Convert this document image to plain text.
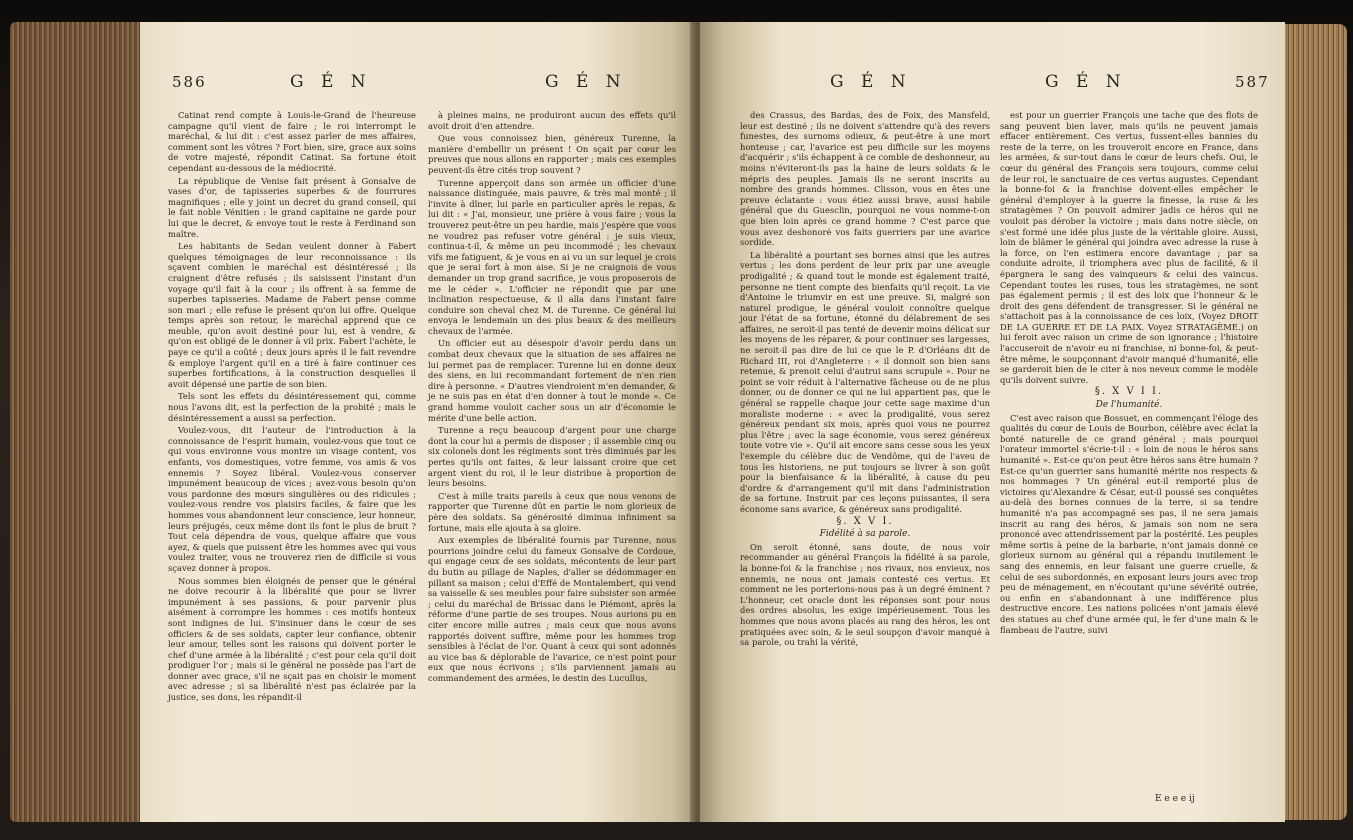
586	G É N	G É N

Catinat rend compte à Louis-le-Grand de l'heureuse campagne qu'il vient de faire ; le roi interrompt le maréchal, & lui dit : c'est assez parler de mes affaires, comment sont les vôtres ? Fort bien, sire, grace aux soins de votre majesté, répondit Catinat. Sa fortune étoit cependant au-dessous de la médiocrité.

La république de Venise fait présent à Gonsalve de vases d'or, de tapisseries superbes & de fourrures magnifiques ; elle y joint un decret du grand conseil, qui le fait noble Vénitien : le grand capitaine ne garde pour lui que le decret, & envoye tout le reste à Ferdinand son maître.

Les habitants de Sedan veulent donner à Fabert quelques témoignages de leur reconnoissance : ils sçavent combien le maréchal est désintéressé ; ils craignent d'être refusés ; ils saisissent l'instant d'un voyage qu'il fait à la cour ; ils offrent à sa femme de superbes tapisseries. Madame de Fabert pense comme son mari ; elle refuse le présent qu'on lui offre. Quelque temps après son retour, le maréchal apprend que ce meuble, qu'on avoit destiné pour lui, est à vendre, & qu'on est obligé de le donner à vil prix. Fabert l'achète, le paye ce qu'il a coûté ; deux jours après il le fait revendre & employe l'argent qu'il en a tiré à faire continuer ces superbes fortifications, à la construction desquelles il avoit dépensé une partie de son bien.

Tels sont les effets du désintéressement qui, comme nous l'avons dit, est la perfection de la probité ; mais le désintéressement a aussi sa perfection.

Voulez-vous, dit l'auteur de l'introduction à la connoissance de l'esprit humain, voulez-vous que tout ce qui vous environne vous montre un visage content, vos enfants, vos domestiques, votre femme, vos amis & vos ennemis ? Soyez libéral. Voulez-vous conserver impunément beaucoup de vices ; avez-vous besoin qu'on vous pardonne des mœurs singulières ou des ridicules ; voulez-vous rendre vos plaisirs faciles, & faire que les hommes vous abandonnent leur conscience, leur honneur, leurs préjugés, ceux même dont ils font le plus de bruit ? Tout cela dépendra de vous, quelque affaire que vous ayez, & quels que puissent être les hommes avec qui vous voulez traiter, vous ne trouverez rien de difficile si vous sçavez donner à propos.

Nous sommes bien éloignés de penser que le général ne doive recourir à la libéralité que pour se livrer impunément à ses passions, & pour parvenir plus aisément à corrompre les hommes : ces motifs honteux sont indignes de lui. S'insinuer dans le cœur de ses officiers & de ses soldats, capter leur confiance, obtenir leur amour, telles sont les raisons qui doivent porter le chef d'une armée à la libéralité ; c'est pour cela qu'il doit prodiguer l'or ; mais si le général ne possède pas l'art de donner avec grace, s'il ne sçait pas en choisir le moment avec adresse ; si sa libéralité n'est pas éclairée par la justice, ses dons, les répandit-il

à pleines mains, ne produiront aucun des effets qu'il avoit droit d'en attendre.

Que vous connoissez bien, généreux Turenne, la manière d'embellir un présent ! On sçait par cœur les preuves que nous allons en rapporter ; mais ces exemples peuvent-ils être cités trop souvent ?

Turenne apperçoit dans son armée un officier d'une naissance distinguée, mais pauvre, & très mal monté ; il l'invite à dîner, lui parle en particulier après le repas, & lui dit : « J'ai, monsieur, une prière à vous faire ; vous la trouverez peut-être un peu hardie, mais j'espère que vous ne voudrez pas refuser votre général : je suis vieux, continua-t-il, & même un peu incommodé ; les chevaux vifs me fatiguent, & je vous en ai vu un sur lequel je crois que je serai fort à mon aise. Si je ne craignois de vous demander un trop grand sacrifice, je vous proposerois de me le céder ». L'officier ne répondit que par une inclination respectueuse, & il alla dans l'instant faire conduire son cheval chez M. de Turenne. Ce général lui envoya le lendemain un des plus beaux & des meilleurs chevaux de l'armée.

Un officier eut au désespoir d'avoir perdu dans un combat deux chevaux que la situation de ses affaires ne lui permet pas de remplacer. Turenne lui en donne deux des siens, en lui recommandant fortement de n'en rien dire à personne. « D'autres viendroient m'en demander, & je ne suis pas en état d'en donner à tout le monde ». Ce grand homme vouloit cacher sous un air d'économie le mérite d'une belle action.

Turenne a reçu beaucoup d'argent pour une charge dont la cour lui a permis de disposer ; il assemble cinq ou six colonels dont les régiments sont très diminués par les pertes qu'ils ont faites, & leur laissant croire que cet argent vient du roi, il le leur distribue à proportion de leurs besoins.

C'est à mille traits pareils à ceux que nous venons de rapporter que Turenne dût en partie le nom glorieux de père des soldats. Sa générosité diminua infiniment sa fortune, mais elle ajouta à sa gloire.

Aux exemples de libéralité fournis par Turenne, nous pourrions joindre celui du fameux Gonsalve de Cordoue, qui engage ceux de ses soldats, mécontents de leur part du butin au pillage de Naples, d'aller se dédommager en pillant sa maison ; celui d'Effé de Montalembert, qui vend sa vaisselle & ses meubles pour faire subsister son armée ; celui du maréchal de Brissac dans le Piémont, après la réforme d'une partie de ses troupes. Nous aurions pu en citer encore mille autres ; mais ceux que nous avons rapportés doivent suffire, même pour les hommes trop sensibles à l'éclat de l'or. Quant à ceux qui sont adonnés au vice bas & déplorable de l'avarice, ce n'est point pour eux que nous écrivons ; s'ils parviennent jamais au commandement des armées, le destin des Lucullus,

G É N	G É N	587

des Crassus, des Bardas, des de Foix, des Mansfeld, leur est destiné ; ils ne doivent s'attendre qu'à des revers funestes, des surnoms odieux, & peut-être à une mort honteuse ; car, l'avarice est peu difficile sur les moyens d'acquérir ; s'ils échappent à ce comble de deshonneur, au moins n'éviteront-ils pas la haine de leurs soldats & le mépris des peuples. Jamais ils ne seront inscrits au nombre des grands hommes. Clisson, vous en êtes une preuve éclatante : vous étiez aussi brave, aussi habile général que du Guesclin, pourquoi ne vous nomme-t-on que bien loin après ce grand homme ? C'est parce que vous avez deshonoré vos faits guerriers par une avarice sordide.

La libéralité a pourtant ses bornes ainsi que les autres vertus ; les dons perdent de leur prix par une aveugle prodigalité ; & quand tout le monde est également traité, personne ne tient compte des bienfaits qu'il reçoit. La vie d'Antoine le triumvir en est une preuve. Si, malgré son naturel prodigue, le général vouloit connoître quelque jour l'état de sa fortune, étonné du délabrement de ses affaires, ne seroit-il pas tenté de devenir moins délicat sur les moyens de les réparer, & pour continuer ses largesses, ne seroit-il pas dire de lui ce que le P. d'Orléans dit de Richard III, roi d'Angleterre : « il donnoit son bien sans retenue, & prenoit celui d'autrui sans scrupule ». Pour ne point se voir réduit à l'alternative fâcheuse ou de ne plus donner, ou de donner ce qui ne lui appartient pas, que le général se rappelle chaque jour cette sage maxime d'un moraliste moderne : « avec la prodigalité, vous serez généreux pendant six mois, après quoi vous ne pourrez plus l'être ; avec la sage économie, vous serez généreux toute votre vie ». Qu'il ait encore sans cesse sous les yeux l'exemple du célèbre duc de Vendôme, qui de l'aveu de tous les historiens, ne put toujours se livrer à son goût pour la bienfaisance & la libéralité, à cause du peu d'ordre & d'arrangement qu'il mit dans l'administration de sa fortune. Instruit par ces leçons puissantes, il sera économe sans avarice, & généreux sans prodigalité.

§. X V I.

Fidélité à sa parole.

On seroit étonné, sans doute, de nous voir recommander au général François la fidélité à sa parole, la bonne-foi & la franchise ; nos rivaux, nos envieux, nos ennemis, ne nous ont jamais contesté ces vertus. Et comment ne les porterions-nous pas à un degré éminent ? L'honneur, cet oracle dont les réponses sont pour nous des ordres absolus, les exige impérieusement. Tous les hommes que nous avons placés au rang des héros, les ont pratiquées avec soin, & le seul soupçon d'avoir manqué à sa parole, ou trahi la vérité,

est pour un guerrier François une tache que des flots de sang peuvent bien laver, mais qu'ils ne peuvent jamais effacer entièrement. Ces vertus, fussent-elles bannies du reste de la terre, on les trouveroit encore en France, dans les armées, & sur-tout dans le cœur de leurs chefs. Oui, le cœur du général des François sera toujours, comme celui de leur roi, le sanctuaire de ces vertus augustes. Cependant la bonne-foi & la franchise doivent-elles empêcher le général d'employer à la guerre la finesse, la ruse & les stratagèmes ? On pouvoit admirer jadis ce héros qui ne vouloit pas dérober la victoire ; mais dans notre siècle, on s'est formé une idée plus juste de la véritable gloire. Aussi, loin de blâmer le général qui joindra avec adresse la ruse à la force, on l'en estimera encore davantage ; par sa conduite adroite, il triomphera avec plus de facilité, & il épargnera le sang des vainqueurs & celui des vaincus. Cependant toutes les ruses, tous les stratagèmes, ne sont pas également permis ; il est des loix que l'honneur & le droit des gens défendent de transgresser. Si le général ne s'attachoit pas à la connoissance de ces loix, (Voyez DROIT DE LA GUERRE ET DE LA PAIX. Voyez STRATAGÈME.) on lui feroit avec raison un crime de son ignorance ; l'histoire l'accuseroit de n'avoir eu ni franchise, ni bonne-foi, & peut-être même, le soupçonnant d'avoir manqué d'humanité, elle se garderoit bien de le citer à nos neveux comme le modèle qu'ils doivent suivre.

§. X V I I.

De l'humanité.

C'est avec raison que Bossuet, en commençant l'éloge des qualités du cœur de Louis de Bourbon, célèbre avec éclat la bonté naturelle de ce grand général ; mais pourquoi l'orateur immortel s'écrie-t-il : « loin de nous le héros sans humanité ». Est-ce qu'on peut être héros sans être humain ? Est-ce qu'un guerrier sans humanité mérite nos respects & nos hommages ? Un général eut-il remporté plus de victoires qu'Alexandre & César, eut-il poussé ses conquêtes au-delà des bornes connues de la terre, si sa tendre humanité n'a pas accompagné ses pas, il ne sera jamais inscrit au rang des héros, & jamais son nom ne sera prononcé avec attendrissement par la postérité. Les peuples même sortis à peine de la barbarie, n'ont jamais donné ce glorieux surnom au général qui a répandu inutilement le sang des ennemis, en leur faisant une guerre cruelle, & celui de ses subordonnés, en exposant leurs jours avec trop peu de ménagement, en n'écoutant qu'une sévérité outrée, ou enfin en s'abandonnant à une indifférence plus destructive encore. Les nations policées n'ont jamais élevé des statues au chef d'une armée qui, le fer d'une main & le flambeau de l'autre, suivi

E e e e ij
